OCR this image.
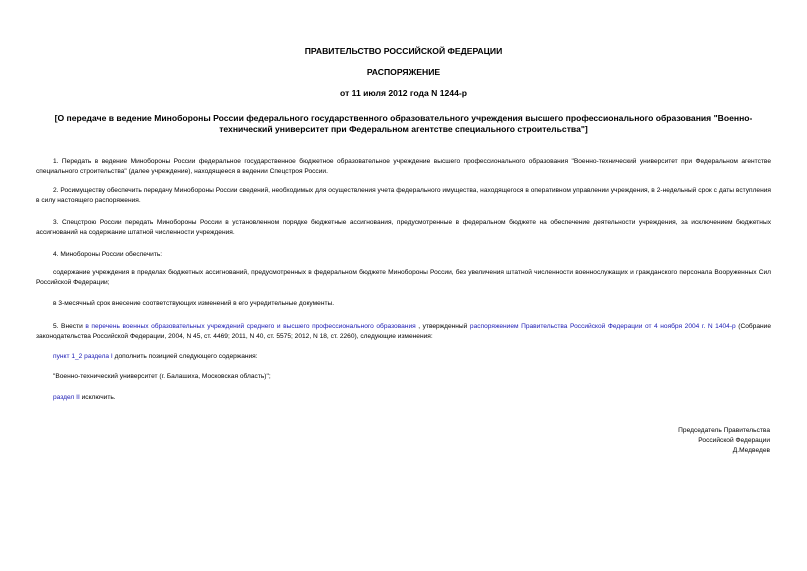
ПРАВИТЕЛЬСТВО РОССИЙСКОЙ ФЕДЕРАЦИИ
РАСПОРЯЖЕНИЕ
от 11 июля 2012 года N 1244-р
[О передаче в ведение Минобороны России федерального государственного образовательного учреждения высшего профессионального образования "Военно-технический университет при Федеральном агентстве специального строительства"]
1. Передать в ведение Минобороны России федеральное государственное бюджетное образовательное учреждение высшего профессионального образования "Военно-технический университет при Федеральном агентстве специального строительства" (далее учреждение), находящееся в ведении Спецстроя России.
2. Росимуществу обеспечить передачу Минобороны России сведений, необходимых для осуществления учета федерального имущества, находящегося в оперативном управлении учреждения, в 2-недельный срок с даты вступления в силу настоящего распоряжения.
3. Спецстрою России передать Минобороны России в установленном порядке бюджетные ассигнования, предусмотренные в федеральном бюджете на обеспечение деятельности учреждения, за исключением бюджетных ассигнований на содержание штатной численности учреждения.
4. Минобороны России обеспечить:
содержание учреждения в пределах бюджетных ассигнований, предусмотренных в федеральном бюджете Минобороны России, без увеличения штатной численности военнослужащих и гражданского персонала Вооруженных Сил Российской Федерации;
в 3-месячный срок внесение соответствующих изменений в его учредительные документы.
5. Внести в перечень военных образовательных учреждений среднего и высшего профессионального образования , утвержденный распоряжением Правительства Российской Федерации от 4 ноября 2004 г. N 1404-р (Собрание законодательства Российской Федерации, 2004, N 45, ст. 4469; 2011, N 40, ст. 5575; 2012, N 18, ст. 2260), следующие изменения:
пункт 1_2 раздела I дополнить позицией следующего содержания:
"Военно-технический университет (г. Балашиха, Московская область)";
раздел II исключить.
Председатель Правительства
Российской Федерации
Д.Медведев
